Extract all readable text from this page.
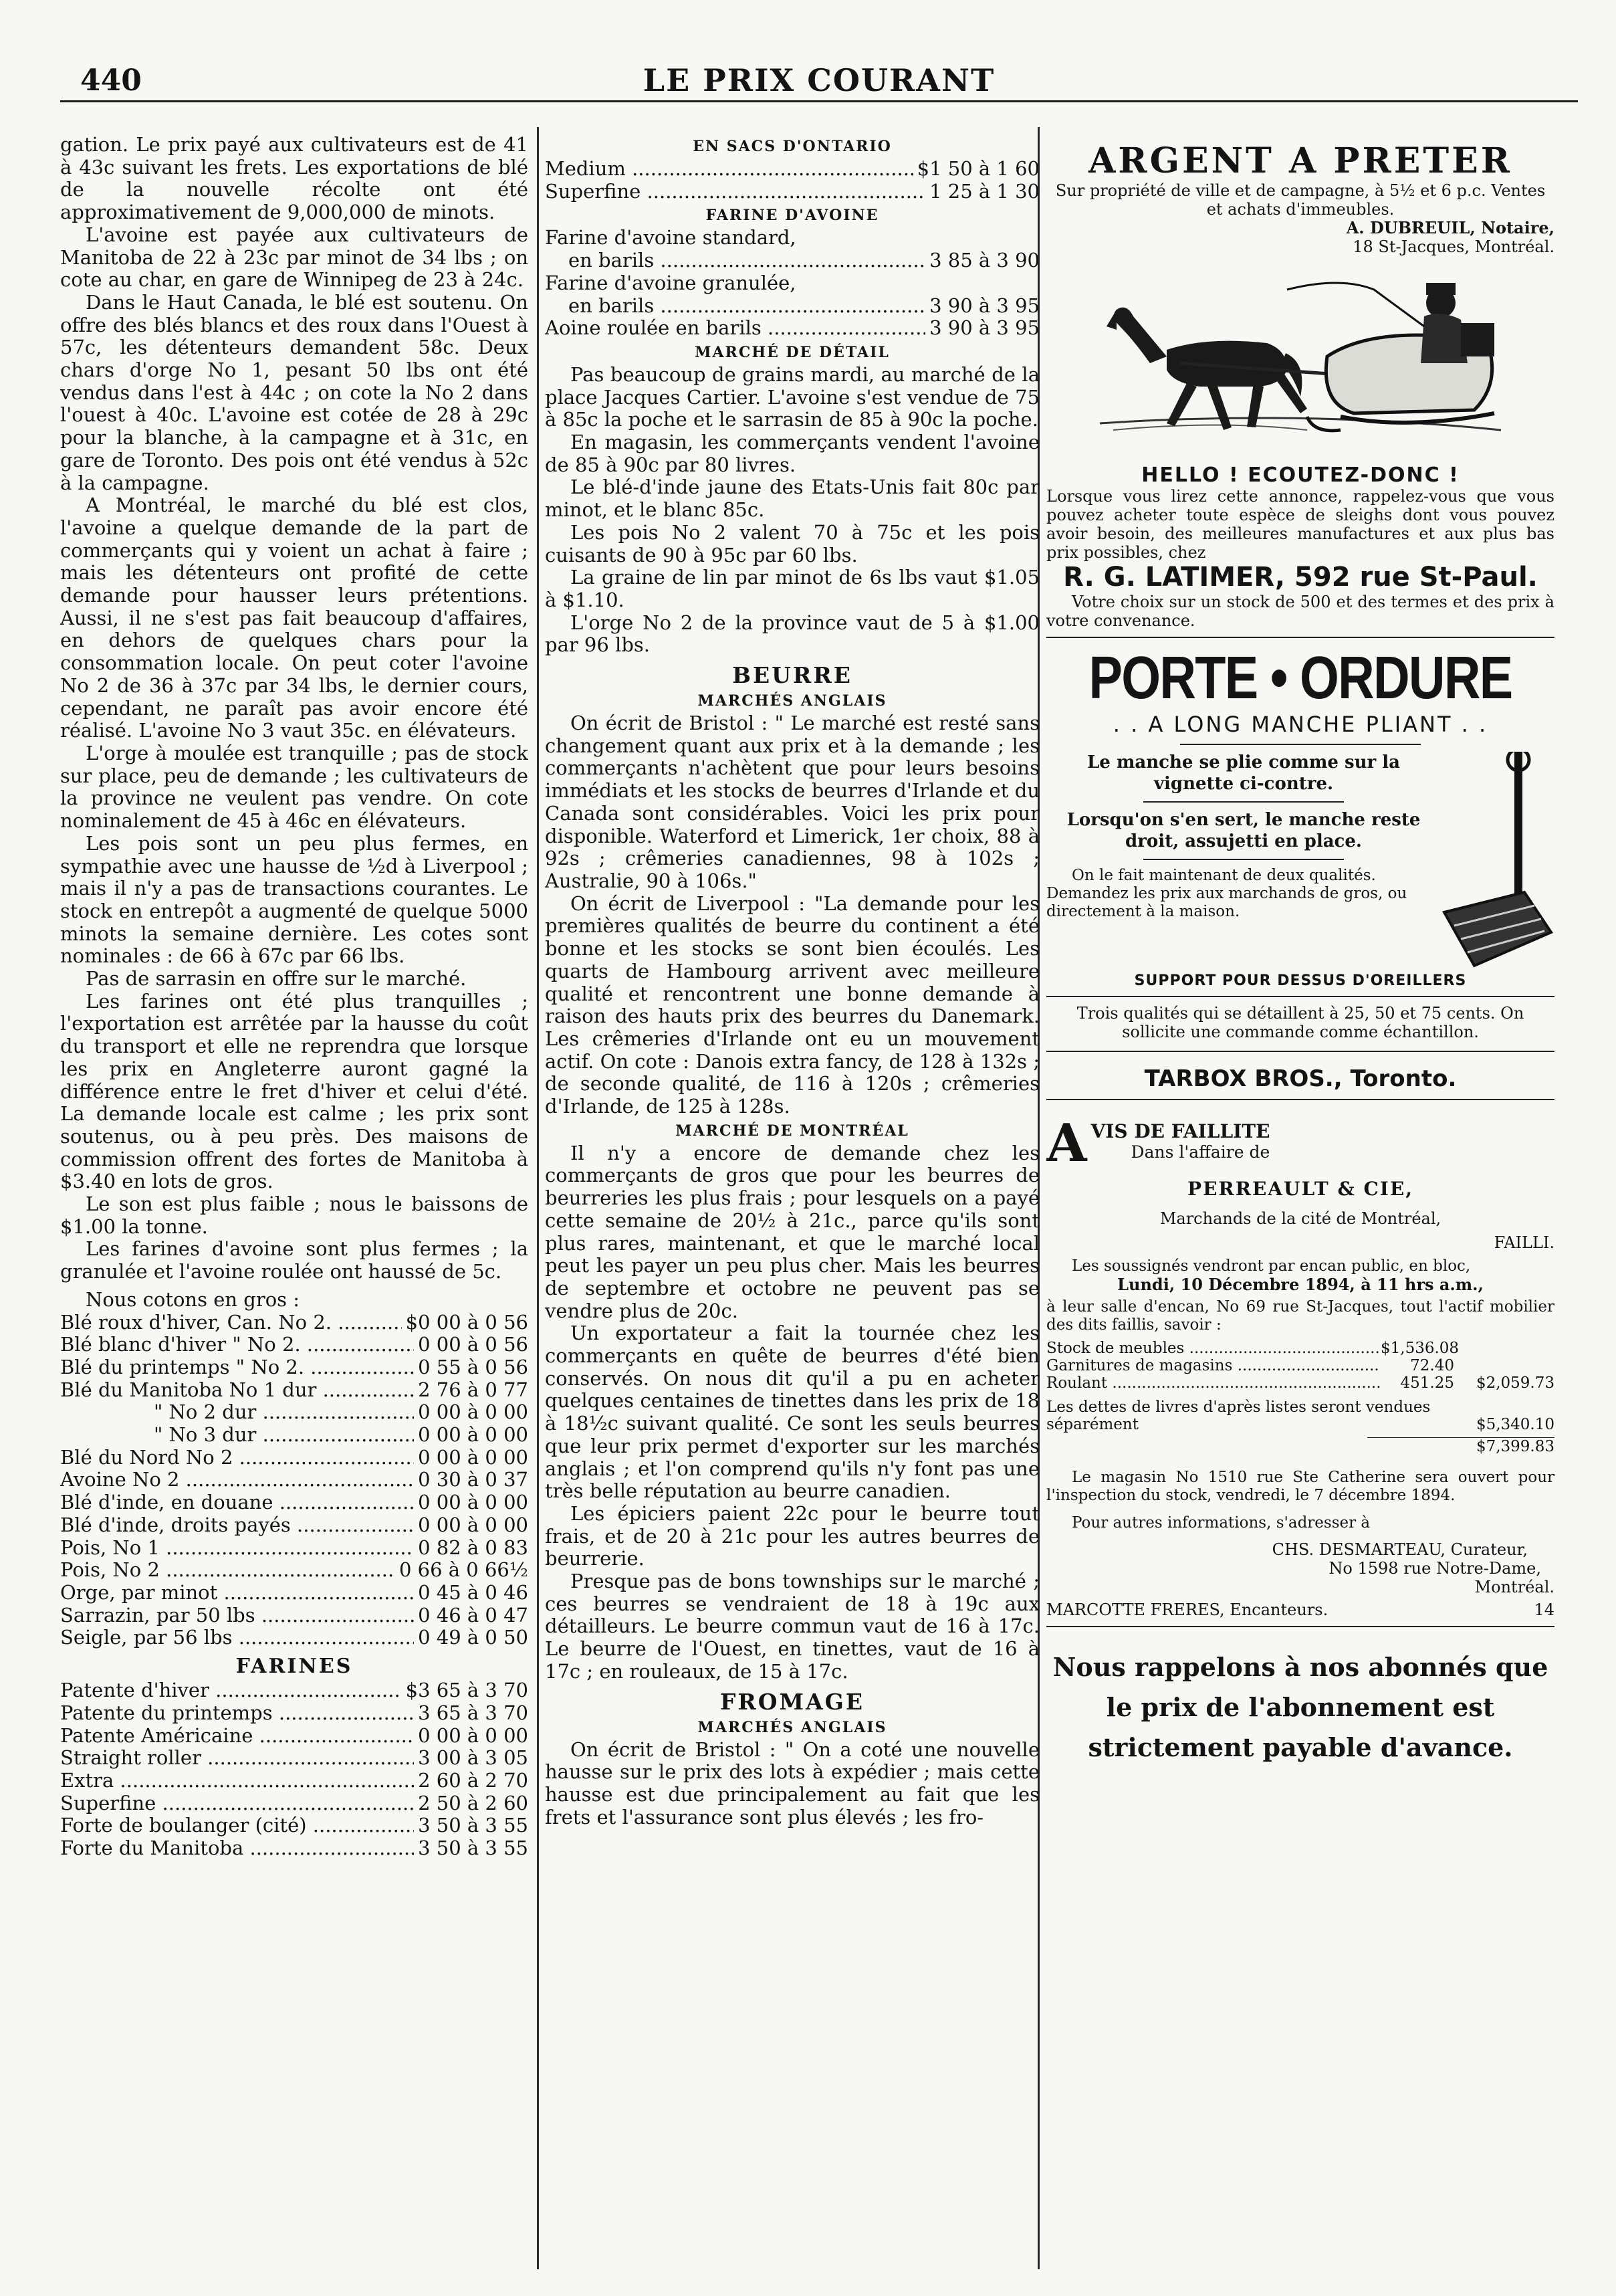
440	LE PRIX COURANT

gation. Le prix payé aux cultivateurs est de 41 à 43c suivant les frets. Les exportations de blé de la nouvelle récolte ont été approximativement de 9,000,000 de minots.

L'avoine est payée aux cultivateurs de Manitoba de 22 à 23c par minot de 34 lbs ; on cote au char, en gare de Winnipeg de 23 à 24c.

Dans le Haut Canada, le blé est soutenu. On offre des blés blancs et des roux dans l'Ouest à 57c, les détenteurs demandent 58c. Deux chars d'orge No 1, pesant 50 lbs ont été vendus dans l'est à 44c ; on cote la No 2 dans l'ouest à 40c. L'avoine est cotée de 28 à 29c pour la blanche, à la campagne et à 31c, en gare de Toronto. Des pois ont été vendus à 52c à la campagne.

A Montréal, le marché du blé est clos, l'avoine a quelque demande de la part de commerçants qui y voient un achat à faire ; mais les détenteurs ont profité de cette demande pour hausser leurs prétentions. Aussi, il ne s'est pas fait beaucoup d'affaires, en dehors de quelques chars pour la consommation locale. On peut coter l'avoine No 2 de 36 à 37c par 34 lbs, le dernier cours, cependant, ne paraît pas avoir encore été réalisé. L'avoine No 3 vaut 35c. en élévateurs.

L'orge à moulée est tranquille ; pas de stock sur place, peu de demande ; les cultivateurs de la province ne veulent pas vendre. On cote nominalement de 45 à 46c en élévateurs.

Les pois sont un peu plus fermes, en sympathie avec une hausse de ½d à Liverpool ; mais il n'y a pas de transactions courantes. Le stock en entrepôt a augmenté de quelque 5000 minots la semaine dernière. Les cotes sont nominales : de 66 à 67c par 66 lbs.

Pas de sarrasin en offre sur le marché.

Les farines ont été plus tranquilles ; l'exportation est arrêtée par la hausse du coût du transport et elle ne reprendra que lorsque les prix en Angleterre auront gagné la différence entre le fret d'hiver et celui d'été. La demande locale est calme ; les prix sont soutenus, ou à peu près. Des maisons de commission offrent des fortes de Manitoba à $3.40 en lots de gros.

Le son est plus faible ; nous le baissons de $1.00 la tonne.

Les farines d'avoine sont plus fermes ; la granulée et l'avoine roulée ont haussé de 5c.

Nous cotons en gros :

Blé roux d'hiver, Can. No 2. .....	$0 00 à 0 56
Blé blanc d'hiver " No 2. .....	0 00 à 0 56
Blé du printemps " No 2. .....	0 55 à 0 56
Blé du Manitoba No 1 dur .....	2 76 à 0 77
" No 2 dur .....	0 00 à 0 00
" No 3 dur .....	0 00 à 0 00
Blé du Nord No 2 .....	0 00 à 0 00
Avoine No 2 .....	0 30 à 0 37
Blé d'inde, en douane .....	0 00 à 0 00
Blé d'inde, droits payés .....	0 00 à 0 00
Pois, No 1 .....	0 82 à 0 83
Pois, No 2 .....	0 66 à 0 66½
Orge, par minot .....	0 45 à 0 46
Sarrazin, par 50 lbs .....	0 46 à 0 47
Seigle, par 56 lbs .....	0 49 à 0 50
FARINES
Patente d'hiver .....	$3 65 à 3 70
Patente du printemps .....	3 65 à 3 70
Patente Américaine .....	0 00 à 0 00
Straight roller .....	3 00 à 3 05
Extra .....	2 60 à 2 70
Superfine .....	2 50 à 2 60
Forte de boulanger (cité) .....	3 50 à 3 55
Forte du Manitoba .....	3 50 à 3 55
EN SACS D'ONTARIO
Medium .....	$1 50 à 1 60
Superfine .....	1 25 à 1 30
FARINE D'AVOINE
Farine d'avoine standard,
en barils .....	3 85 à 3 90
Farine d'avoine granulée,
en barils .....	3 90 à 3 95
Aoine roulée en barils .....	3 90 à 3 95
MARCHÉ DE DÉTAIL

Pas beaucoup de grains mardi, au marché de la place Jacques Cartier. L'avoine s'est vendue de 75 à 85c la poche et le sarrasin de 85 à 90c la poche.

En magasin, les commerçants vendent l'avoine de 85 à 90c par 80 livres.

Le blé-d'inde jaune des Etats-Unis fait 80c par minot, et le blanc 85c.

Les pois No 2 valent 70 à 75c et les pois cuisants de 90 à 95c par 60 lbs.

La graine de lin par minot de 6s lbs vaut $1.05 à $1.10.

L'orge No 2 de la province vaut de 5 à $1.00 par 96 lbs.

BEURRE
MARCHÉS ANGLAIS

On écrit de Bristol : " Le marché est resté sans changement quant aux prix et à la demande ; les commerçants n'achètent que pour leurs besoins immédiats et les stocks de beurres d'Irlande et du Canada sont considérables. Voici les prix pour disponible. Waterford et Limerick, 1er choix, 88 à 92s ; crêmeries canadiennes, 98 à 102s ; Australie, 90 à 106s."

On écrit de Liverpool : "La demande pour les premières qualités de beurre du continent a été bonne et les stocks se sont bien écoulés. Les quarts de Hambourg arrivent avec meilleure qualité et rencontrent une bonne demande à raison des hauts prix des beurres du Danemark. Les crêmeries d'Irlande ont eu un mouvement actif. On cote : Danois extra fancy, de 128 à 132s ; de seconde qualité, de 116 à 120s ; crêmeries d'Irlande, de 125 à 128s.

MARCHÉ DE MONTRÉAL

Il n'y a encore de demande chez les commerçants de gros que pour les beurres de beurreries les plus frais ; pour lesquels on a payé cette semaine de 20½ à 21c., parce qu'ils sont plus rares, maintenant, et que le marché local peut les payer un peu plus cher. Mais les beurres de septembre et octobre ne peuvent pas se vendre plus de 20c.

Un exportateur a fait la tournée chez les commerçants en quête de beurres d'été bien conservés. On nous dit qu'il a pu en acheter quelques centaines de tinettes dans les prix de 18 à 18½c suivant qualité. Ce sont les seuls beurres que leur prix permet d'exporter sur les marchés anglais ; et l'on comprend qu'ils n'y font pas une très belle réputation au beurre canadien.

Les épiciers paient 22c pour le beurre tout frais, et de 20 à 21c pour les autres beurres de beurrerie.

Presque pas de bons townships sur le marché ; ces beurres se vendraient de 18 à 19c aux détailleurs. Le beurre commun vaut de 16 à 17c. Le beurre de l'Ouest, en tinettes, vaut de 16 à 17c ; en rouleaux, de 15 à 17c.

FROMAGE
MARCHÉS ANGLAIS

On écrit de Bristol : " On a coté une nouvelle hausse sur le prix des lots à expédier ; mais cette hausse est due principalement au fait que les frets et l'assurance sont plus élevés ; les fro-

ARGENT A PRETER
Sur propriété de ville et de campagne, à 5½ et 6 p.c. Ventes et achats d'immeubles.
A. DUBREUIL, Notaire,
18 St-Jacques, Montréal.
HELLO ! ECOUTEZ-DONC !

Lorsque vous lirez cette annonce, rappelez-vous que vous pouvez acheter toute espèce de sleighs dont vous pouvez avoir besoin, des meilleures manufactures et aux plus bas prix possibles, chez

R. G. LATIMER, 592 rue St-Paul.

Votre choix sur un stock de 500 et des termes et des prix à votre convenance.

PORTE • ORDURE
. . A LONG MANCHE PLIANT . .
Le manche se plie comme sur la vignette ci-contre.
Lorsqu'on s'en sert, le manche reste droit, assujetti en place.

On le fait maintenant de deux qualités. Demandez les prix aux marchands de gros, ou directement à la maison.

SUPPORT POUR DESSUS D'OREILLERS
Trois qualités qui se détaillent à 25, 50 et 75 cents. On sollicite une commande comme échantillon.
TARBOX BROS., Toronto.
A VIS DE FAILLITE
Dans l'affaire de
PERREAULT & CIE,
Marchands de la cité de Montréal,
FAILLI.

Les soussignés vendront par encan public, en bloc,

Lundi, 10 Décembre 1894, à 11 hrs a.m.,

à leur salle d'encan, No 69 rue St-Jacques, tout l'actif mobilier des dits faillis, savoir :

Stock de meubles .....	$1,536.08
Garnitures de magasins .....	72.40
Roulant .....	451.25	$2,059.73
Les dettes de livres d'après listes seront vendues séparément	$5,340.10
$7,399.83

Le magasin No 1510 rue Ste Catherine sera ouvert pour l'inspection du stock, vendredi, le 7 décembre 1894.

Pour autres informations, s'adresser à

CHS. DESMARTEAU, Curateur,
No 1598 rue Notre-Dame,
Montréal.
MARCOTTE FRERES, Encanteurs.	14
Nous rappelons à nos abonnés que le prix de l'abonnement est strictement payable d'avance.
